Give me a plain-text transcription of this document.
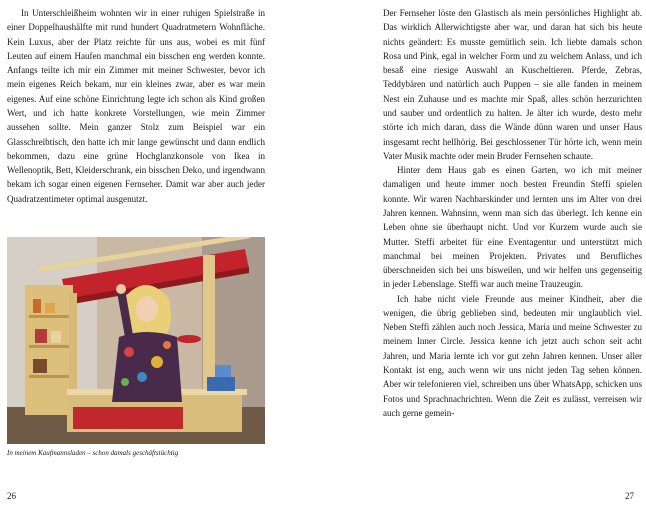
In Unterschleißheim wohnten wir in einer ruhigen Spielstraße in einer Doppelhaushälfte mit rund hundert Quadratmetern Wohnfläche. Kein Luxus, aber der Platz reichte für uns aus, wobei es mit fünf Leuten auf einem Haufen manchmal ein bisschen eng werden konnte. Anfangs teilte ich mir ein Zimmer mit meiner Schwester, bevor ich mein eigenes Reich bekam, nur ein kleines zwar, aber es war mein eigenes. Auf eine schöne Einrichtung legte ich schon als Kind großen Wert, und ich hatte konkrete Vorstellungen, wie mein Zimmer aussehen sollte. Mein ganzer Stolz zum Beispiel war ein Glasschreibtisch, den hatte ich mir lange gewünscht und dann endlich bekommen, dazu eine grüne Hochglanzkonsole von Ikea in Wellenoptik, Bett, Kleiderschrank, ein bisschen Deko, und irgendwann bekam ich sogar einen eigenen Fernseher. Damit war aber auch jeder Quadratzentimeter optimal ausgenutzt.

In meinem Kaufmannsladen – schon damals geschäftstüchtig
26

Der Fernseher löste den Glastisch als mein persönliches Highlight ab. Das wirklich Allerwichtigste aber war, und daran hat sich bis heute nichts geändert: Es musste gemütlich sein. Ich liebte damals schon Rosa und Pink, egal in welcher Form und zu welchem Anlass, und ich besaß eine riesige Auswahl an Kuscheltieren. Pferde, Zebras, Teddybären und natürlich auch Puppen – sie alle fanden in meinem Nest ein Zuhause und es machte mir Spaß, alles schön herzurichten und sauber und ordentlich zu halten. Je älter ich wurde, desto mehr störte ich mich daran, dass die Wände dünn waren und unser Haus insgesamt recht hellhörig. Bei geschlossener Tür hörte ich, wenn mein Vater Musik machte oder mein Bruder Fernsehen schaute.

Hinter dem Haus gab es einen Garten, wo ich mit meiner damaligen und heute immer noch besten Freundin Steffi spielen konnte. Wir waren Nachbarskinder und lernten uns im Alter von drei Jahren kennen. Wahnsinn, wenn man sich das überlegt. Ich kenne ein Leben ohne sie überhaupt nicht. Und vor Kurzem wurde auch sie Mutter. Steffi arbeitet für eine Eventagentur und unterstützt mich manchmal bei meinen Projekten. Privates und Berufliches überschneiden sich bei uns bisweilen, und wir helfen uns gegenseitig in jeder Lebenslage. Steffi war auch meine Trauzeugin.

Ich habe nicht viele Freunde aus meiner Kindheit, aber die wenigen, die übrig geblieben sind, bedeuten mir unglaublich viel. Neben Steffi zählen auch noch Jessica, Maria und meine Schwester zu meinem Inner Circle. Jessica kenne ich jetzt auch schon seit acht Jahren, und Maria lernte ich vor gut zehn Jahren kennen. Unser aller Kontakt ist eng, auch wenn wir uns nicht jeden Tag sehen können. Aber wir telefonieren viel, schreiben uns über WhatsApp, schicken uns Fotos und Sprachnachrichten. Wenn die Zeit es zulässt, verreisen wir auch gerne gemein-

27
